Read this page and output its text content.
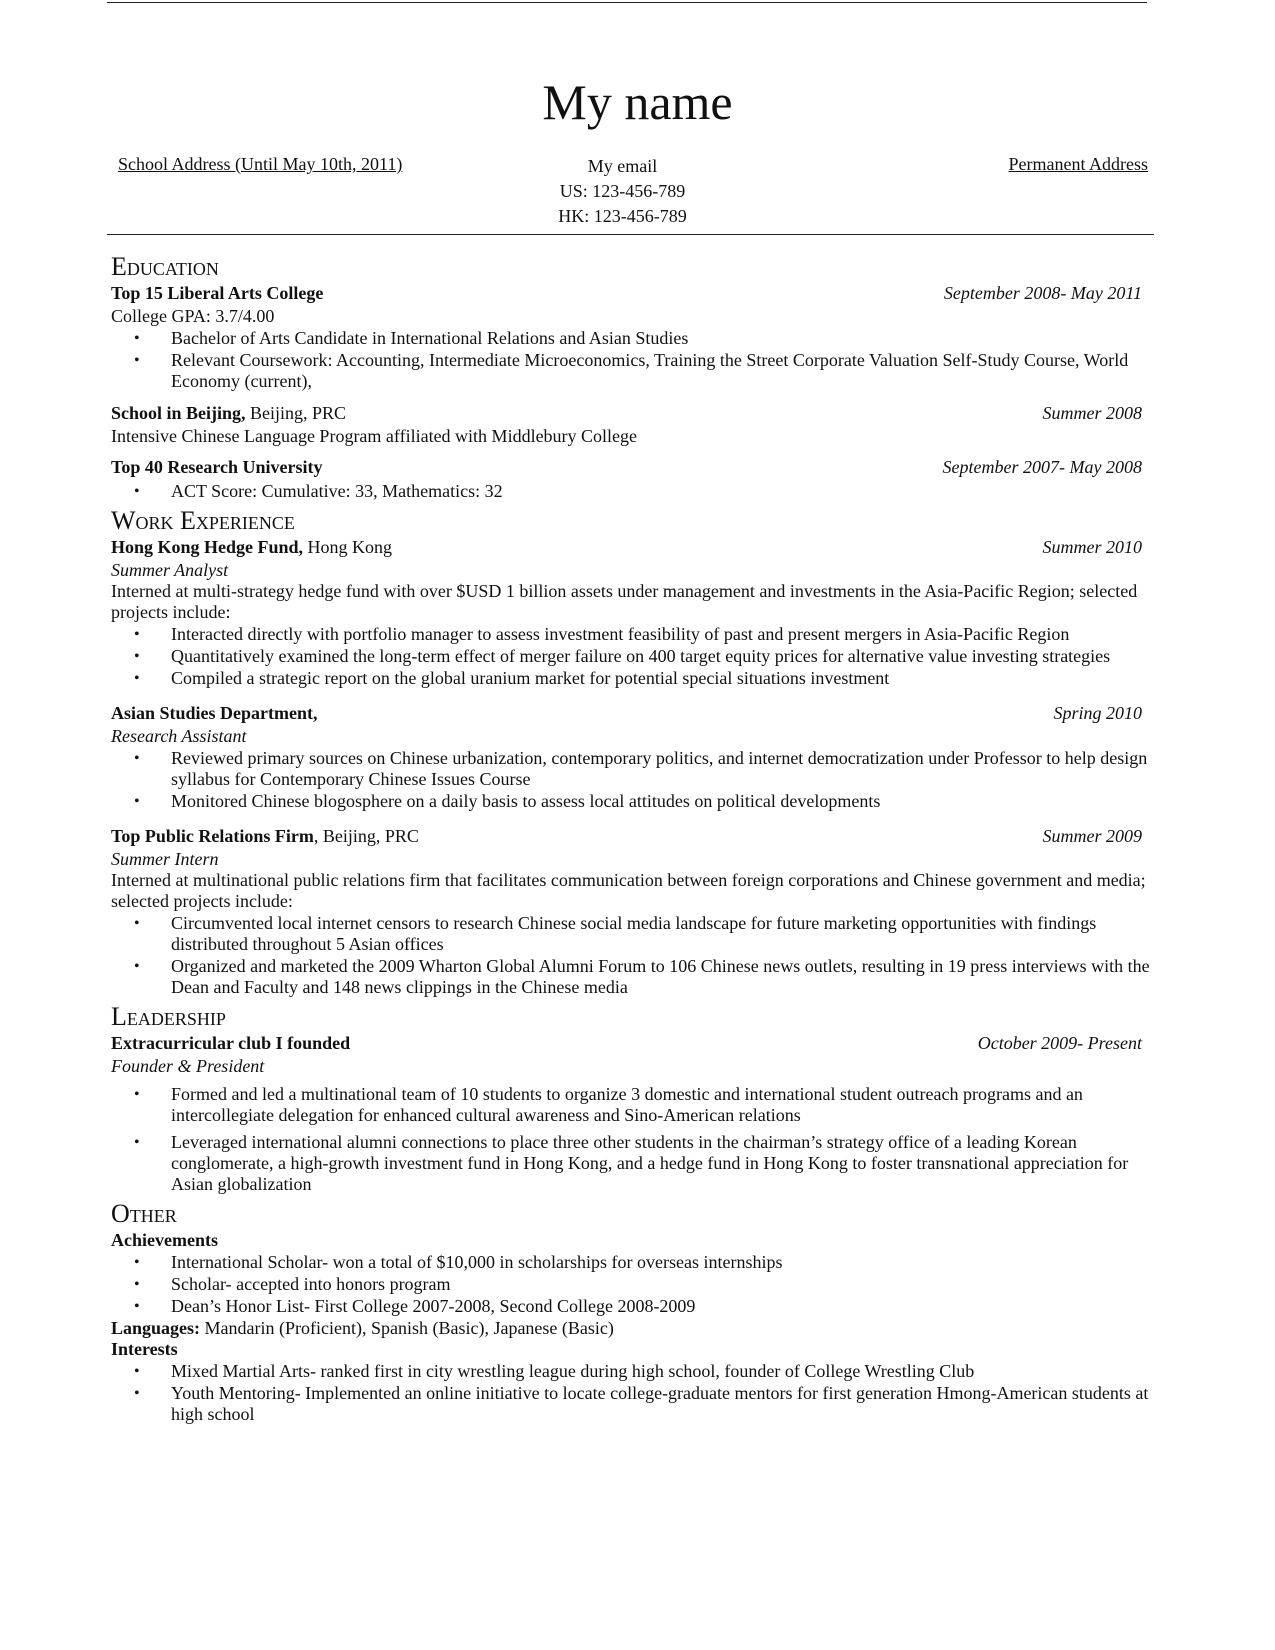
My name
School Address (Until May 10th, 2011)	My email
US: 123-456-789
HK: 123-456-789
Permanent Address
Education
Top 15 Liberal Arts College	September 2008- May 2011
College GPA: 3.7/4.00
• Bachelor of Arts Candidate in International Relations and Asian Studies
• Relevant Coursework: Accounting, Intermediate Microeconomics, Training the Street Corporate Valuation Self-Study Course, World Economy (current),
School in Beijing, Beijing, PRC	Summer 2008
Intensive Chinese Language Program affiliated with Middlebury College
Top 40 Research University	September 2007- May 2008
• ACT Score: Cumulative: 33, Mathematics: 32
Work Experience
Hong Kong Hedge Fund, Hong Kong	Summer 2010
Summer Analyst
Interned at multi-strategy hedge fund with over $USD 1 billion assets under management and investments in the Asia-Pacific Region; selected projects include:
• Interacted directly with portfolio manager to assess investment feasibility of past and present mergers in Asia-Pacific Region
• Quantitatively examined the long-term effect of merger failure on 400 target equity prices for alternative value investing strategies
• Compiled a strategic report on the global uranium market for potential special situations investment
Asian Studies Department,	Spring 2010
Research Assistant
• Reviewed primary sources on Chinese urbanization, contemporary politics, and internet democratization under Professor to help design syllabus for Contemporary Chinese Issues Course
• Monitored Chinese blogosphere on a daily basis to assess local attitudes on political developments
Top Public Relations Firm, Beijing, PRC	Summer 2009
Summer Intern
Interned at multinational public relations firm that facilitates communication between foreign corporations and Chinese government and media; selected projects include:
• Circumvented local internet censors to research Chinese social media landscape for future marketing opportunities with findings distributed throughout 5 Asian offices
• Organized and marketed the 2009 Wharton Global Alumni Forum to 106 Chinese news outlets, resulting in 19 press interviews with the Dean and Faculty and 148 news clippings in the Chinese media
Leadership
Extracurricular club I founded	October 2009- Present
Founder & President
• Formed and led a multinational team of 10 students to organize 3 domestic and international student outreach programs and an intercollegiate delegation for enhanced cultural awareness and Sino-American relations
• Leveraged international alumni connections to place three other students in the chairman’s strategy office of a leading Korean conglomerate, a high-growth investment fund in Hong Kong, and a hedge fund in Hong Kong to foster transnational appreciation for Asian globalization
Other
Achievements
• International Scholar- won a total of $10,000 in scholarships for overseas internships
• Scholar- accepted into honors program
• Dean’s Honor List- First College 2007-2008, Second College 2008-2009
Languages: Mandarin (Proficient), Spanish (Basic), Japanese (Basic)
Interests
• Mixed Martial Arts- ranked first in city wrestling league during high school, founder of College Wrestling Club
• Youth Mentoring- Implemented an online initiative to locate college-graduate mentors for first generation Hmong-American students at high school
